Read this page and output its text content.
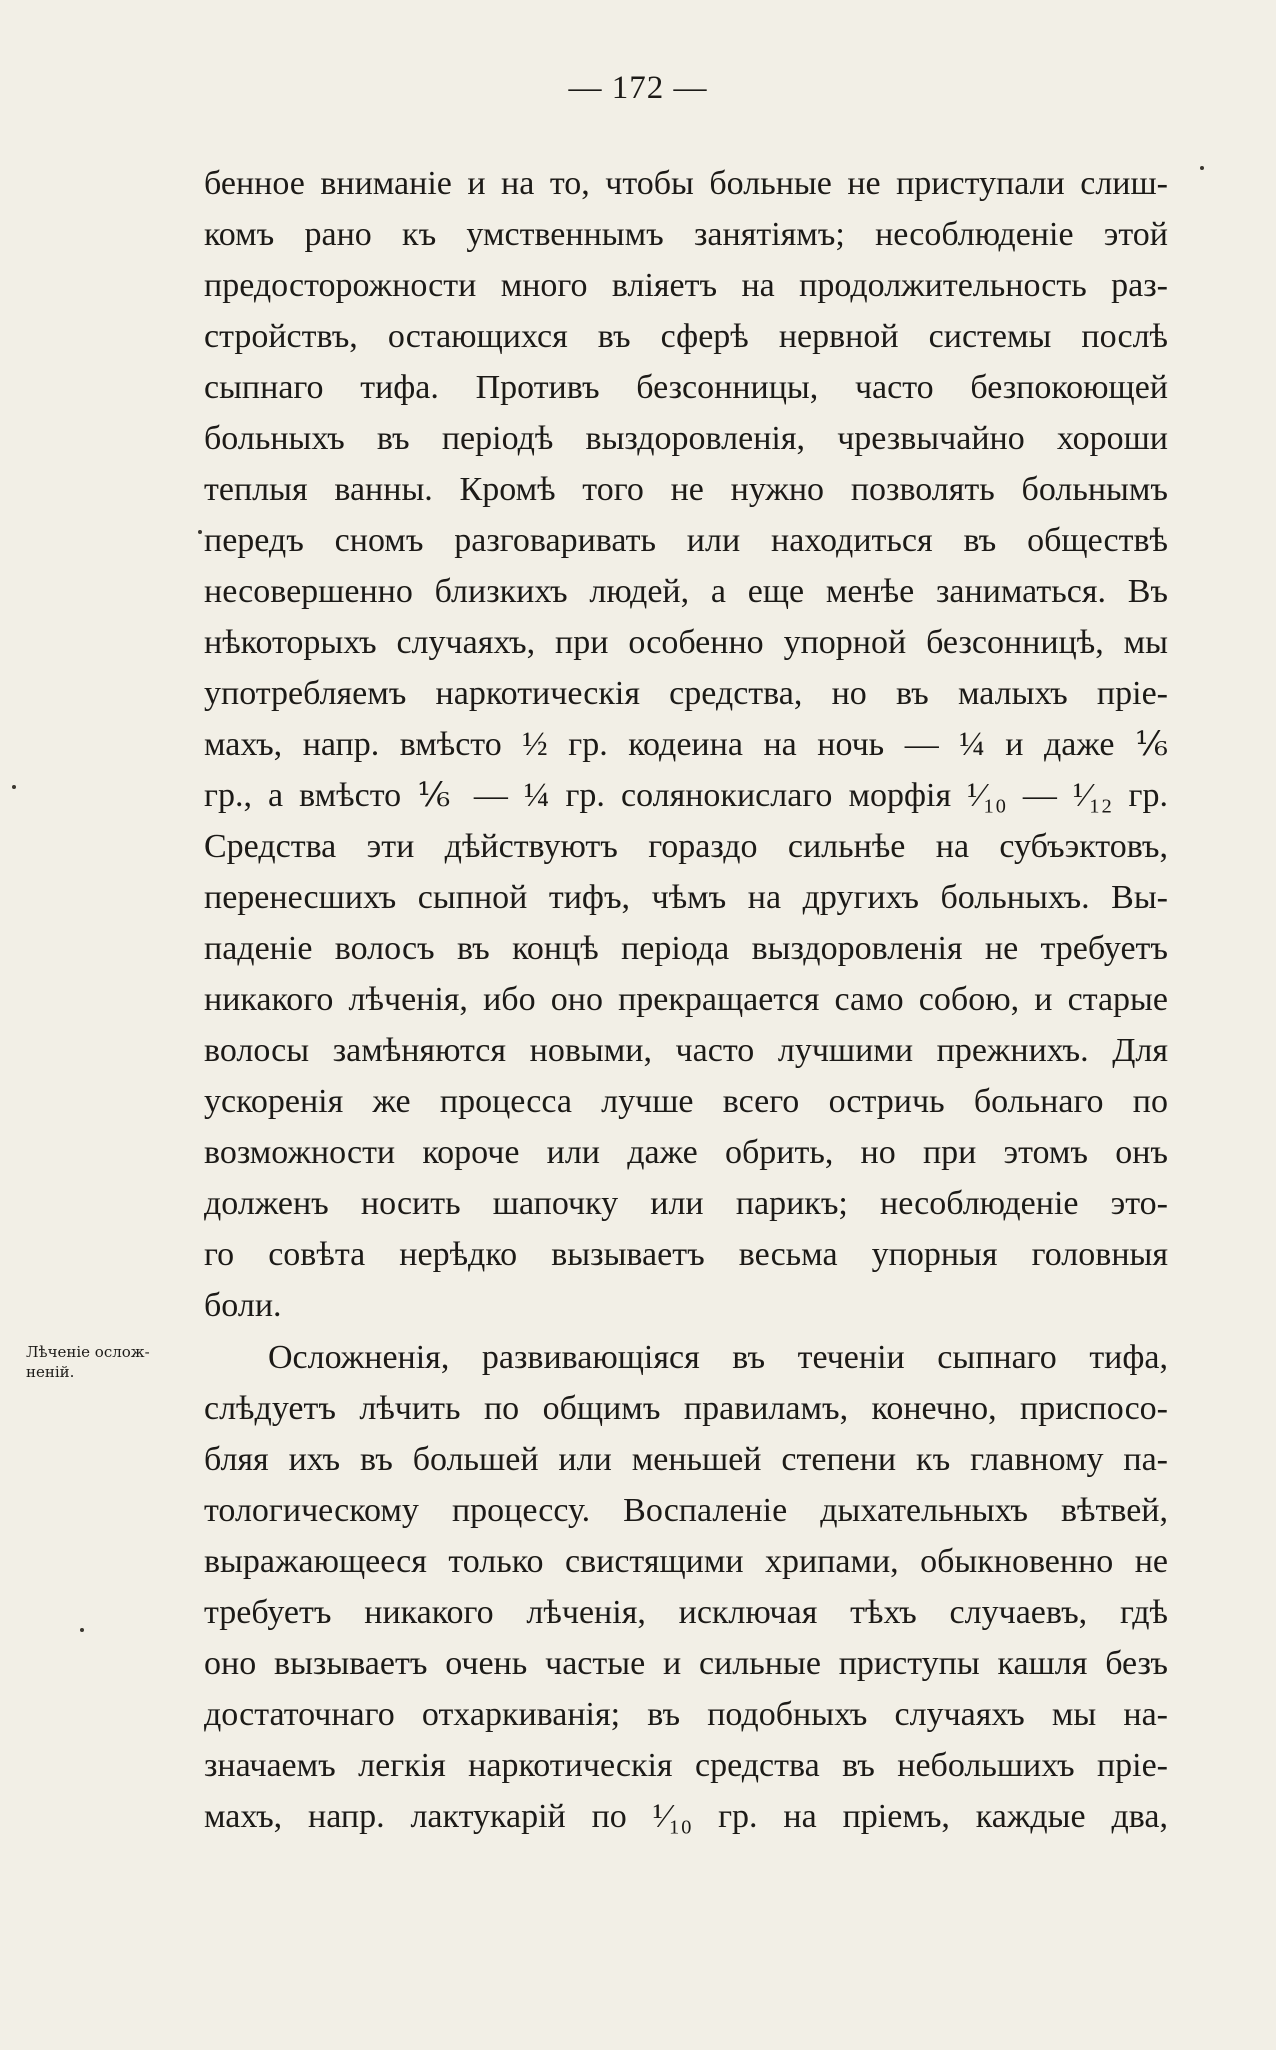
— 172 —
бенное вниманіе и на то, чтобы больные не приступали слиш-
комъ рано къ умственнымъ занятіямъ; несоблюденіе этой
предосторожности много вліяетъ на продолжительность раз-
стройствъ, остающихся въ сферѣ нервной системы послѣ
сыпнаго тифа. Противъ безсонницы, часто безпокоющей
больныхъ въ періодѣ выздоровленія, чрезвычайно хороши
теплыя ванны. Кромѣ того не нужно позволять больнымъ
передъ сномъ разговаривать или находиться въ обществѣ
несовершенно близкихъ людей, а еще менѣе заниматься. Въ
нѣкоторыхъ случаяхъ, при особенно упорной безсонницѣ, мы
употребляемъ наркотическія средства, но въ малыхъ пріе-
махъ, напр. вмѣсто ½ гр. кодеина на ночь — ¼ и даже ⅙
гр., а вмѣсто ⅙ — ¼ гр. солянокислаго морфія ¹⁄₁₀ — ¹⁄₁₂ гр.
Средства эти дѣйствуютъ гораздо сильнѣе на субъэктовъ,
перенесшихъ сыпной тифъ, чѣмъ на другихъ больныхъ. Вы-
паденіе волосъ въ концѣ періода выздоровленія не требуетъ
никакого лѣченія, ибо оно прекращается само собою, и старые
волосы замѣняются новыми, часто лучшими прежнихъ. Для
ускоренія же процесса лучше всего остричь больнаго по
возможности короче или даже обрить, но при этомъ онъ
долженъ носить шапочку или парикъ; несоблюденіе это-
го совѣта нерѣдко вызываетъ весьма упорныя головныя
боли.
Лѣченіе ослож-
неній.	Осложненія, развивающіяся въ теченіи сыпнаго тифа,
слѣдуетъ лѣчить по общимъ правиламъ, конечно, приспосо-
бляя ихъ въ большей или меньшей степени къ главному па-
тологическому процессу. Воспаленіе дыхательныхъ вѣтвей,
выражающееся только свистящими хрипами, обыкновенно не
требуетъ никакого лѣченія, исключая тѣхъ случаевъ, гдѣ
оно вызываетъ очень частые и сильные приступы кашля безъ
достаточнаго отхаркиванія; въ подобныхъ случаяхъ мы на-
значаемъ легкія наркотическія средства въ небольшихъ пріе-
махъ, напр. лактукарій по ¹⁄₁₀ гр. на пріемъ, каждые два,
